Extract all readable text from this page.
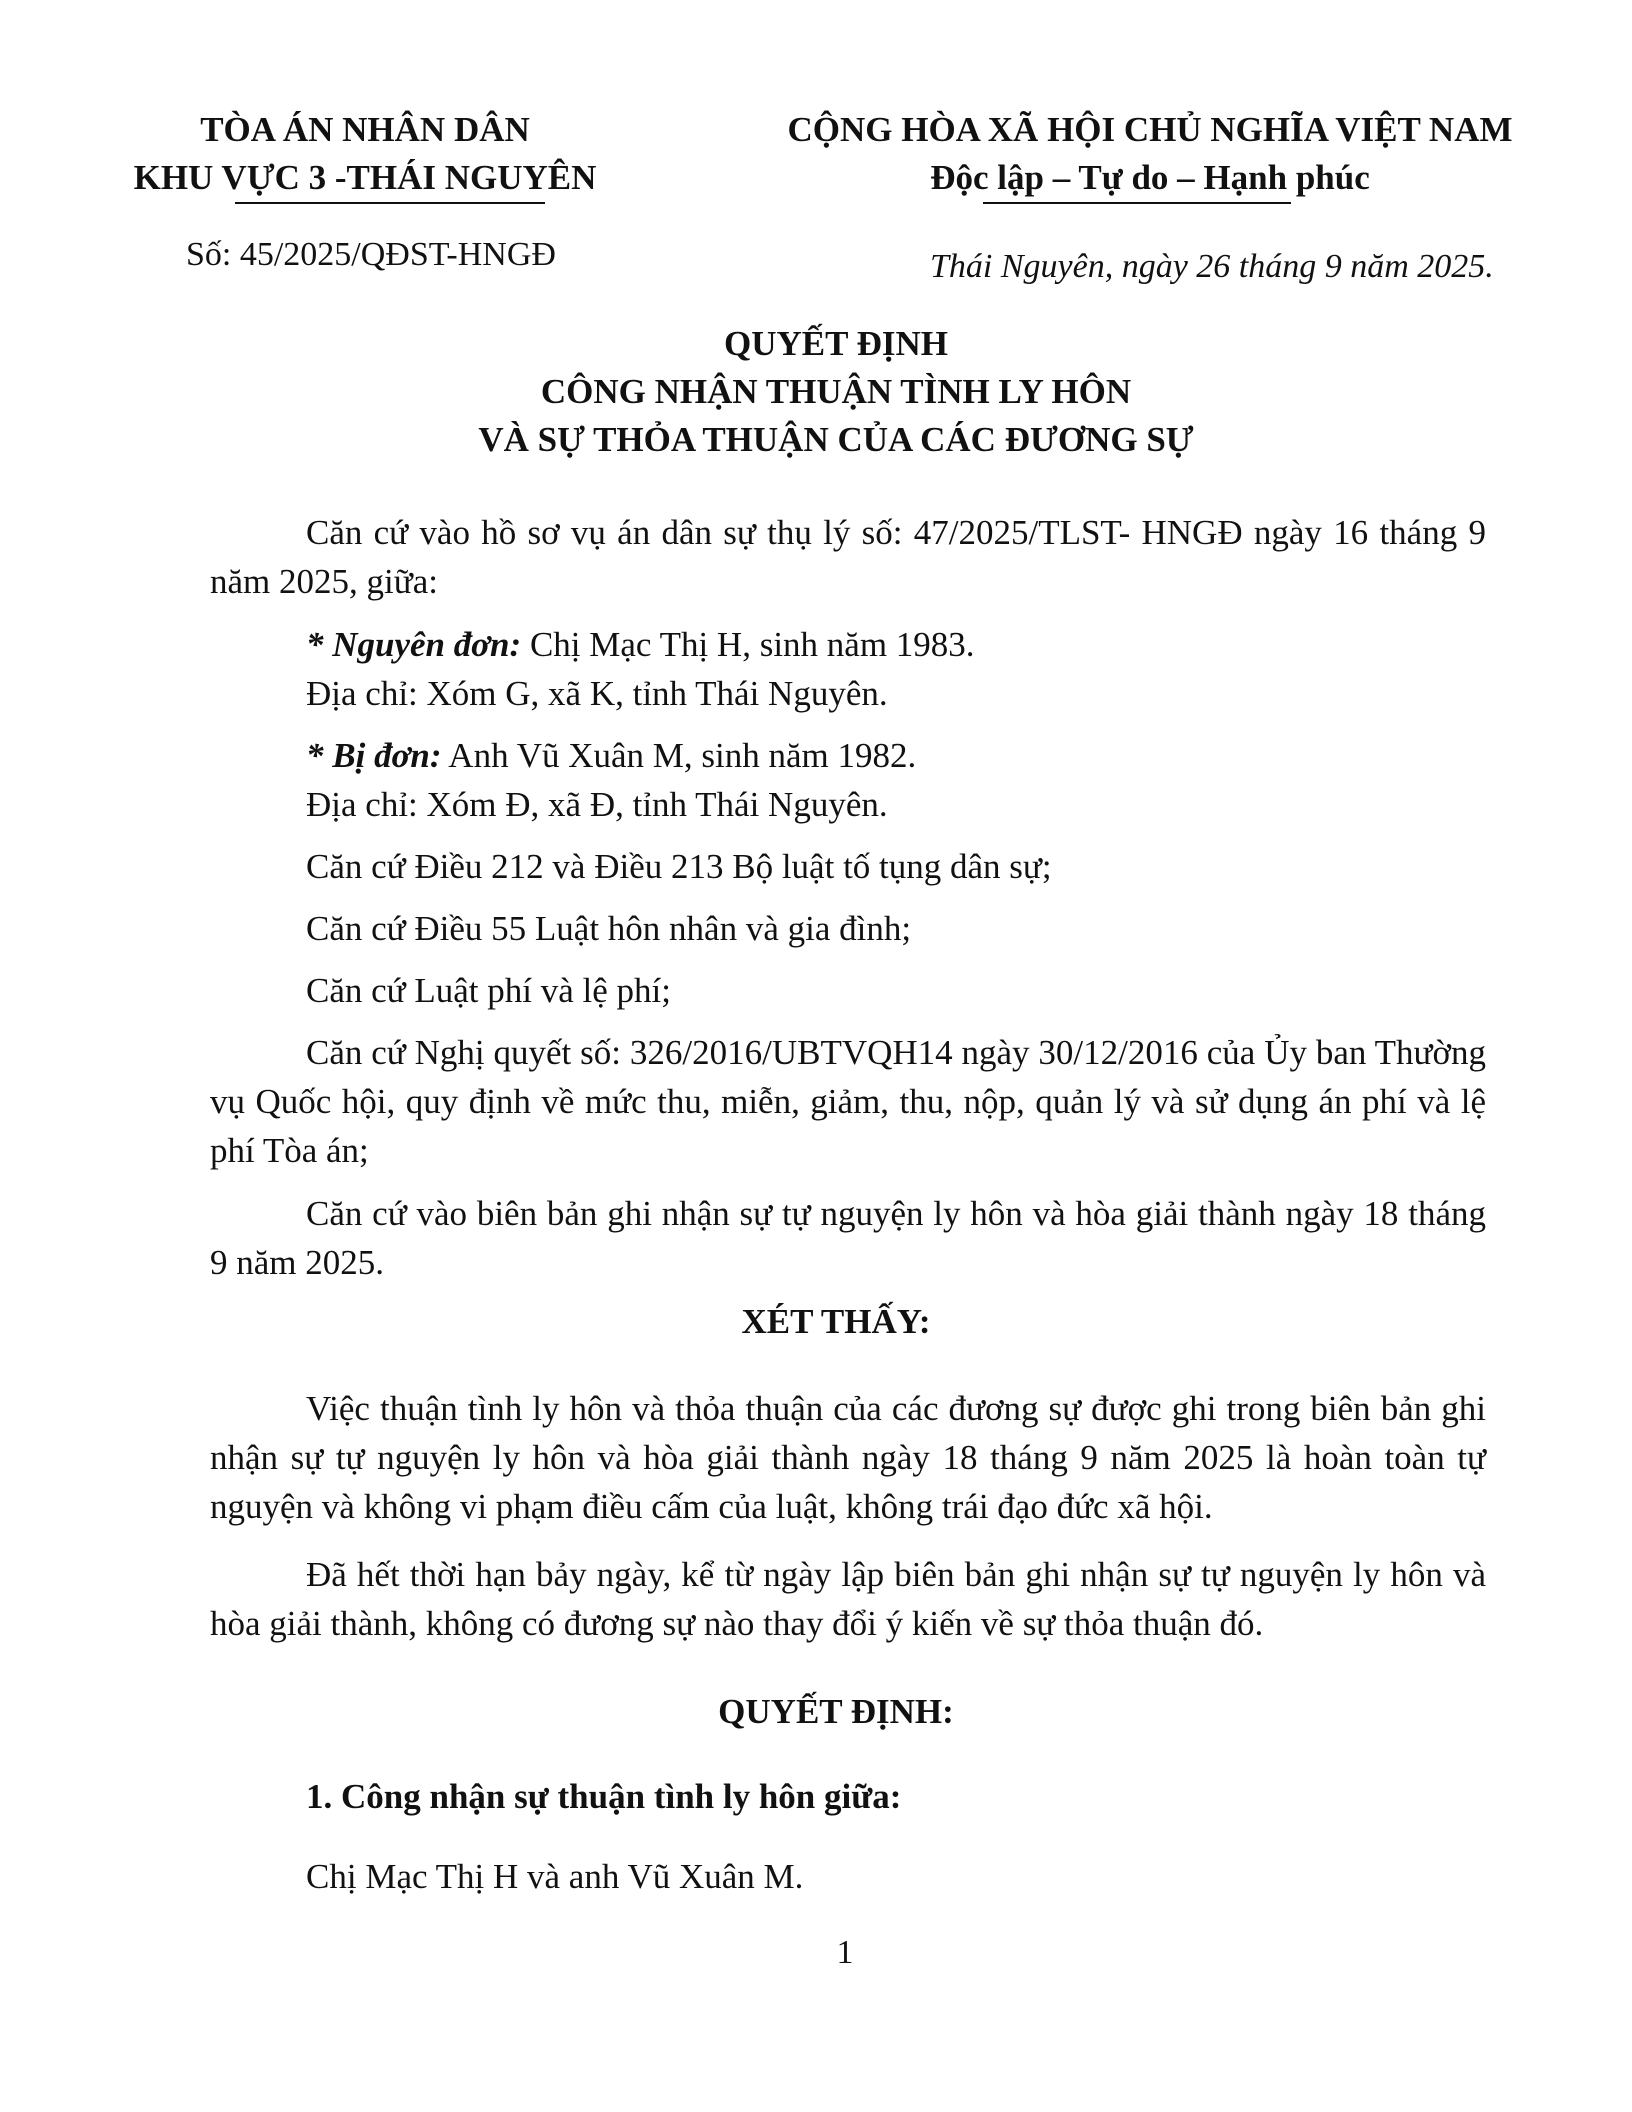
TÒA ÁN NHÂN DÂN
KHU VỰC 3 -THÁI NGUYÊN
CỘNG HÒA XÃ HỘI CHỦ NGHĨA VIỆT NAM
Độc lập – Tự do – Hạnh phúc
Số: 45/2025/QĐST-HNGĐ	Thái Nguyên, ngày 26 tháng 9 năm 2025.
QUYẾT ĐỊNH
CÔNG NHẬN THUẬN TÌNH LY HÔN
VÀ SỰ THỎA THUẬN CỦA CÁC ĐƯƠNG SỰ
Căn cứ vào hồ sơ vụ án dân sự thụ lý số: 47/2025/TLST- HNGĐ ngày 16 tháng 9 năm 2025, giữa:
* Nguyên đơn: Chị Mạc Thị H, sinh năm 1983.
Địa chỉ: Xóm G, xã K, tỉnh Thái Nguyên.
* Bị đơn: Anh Vũ Xuân M, sinh năm 1982.
Địa chỉ: Xóm Đ, xã Đ, tỉnh Thái Nguyên.
Căn cứ Điều 212 và Điều 213 Bộ luật tố tụng dân sự;
Căn cứ Điều 55 Luật hôn nhân và gia đình;
Căn cứ Luật phí và lệ phí;
Căn cứ Nghị quyết số: 326/2016/UBTVQH14 ngày 30/12/2016 của Ủy ban Thường vụ Quốc hội, quy định về mức thu, miễn, giảm, thu, nộp, quản lý và sử dụng án phí và lệ phí Tòa án;
Căn cứ vào biên bản ghi nhận sự tự nguyện ly hôn và hòa giải thành ngày 18 tháng 9 năm 2025.
XÉT THẤY:
Việc thuận tình ly hôn và thỏa thuận của các đương sự được ghi trong biên bản ghi nhận sự tự nguyện ly hôn và hòa giải thành ngày 18 tháng 9 năm 2025 là hoàn toàn tự nguyện và không vi phạm điều cấm của luật, không trái đạo đức xã hội.
Đã hết thời hạn bảy ngày, kể từ ngày lập biên bản ghi nhận sự tự nguyện ly hôn và hòa giải thành, không có đương sự nào thay đổi ý kiến về sự thỏa thuận đó.
QUYẾT ĐỊNH:
1. Công nhận sự thuận tình ly hôn giữa:
Chị Mạc Thị H và anh Vũ Xuân M.
1
